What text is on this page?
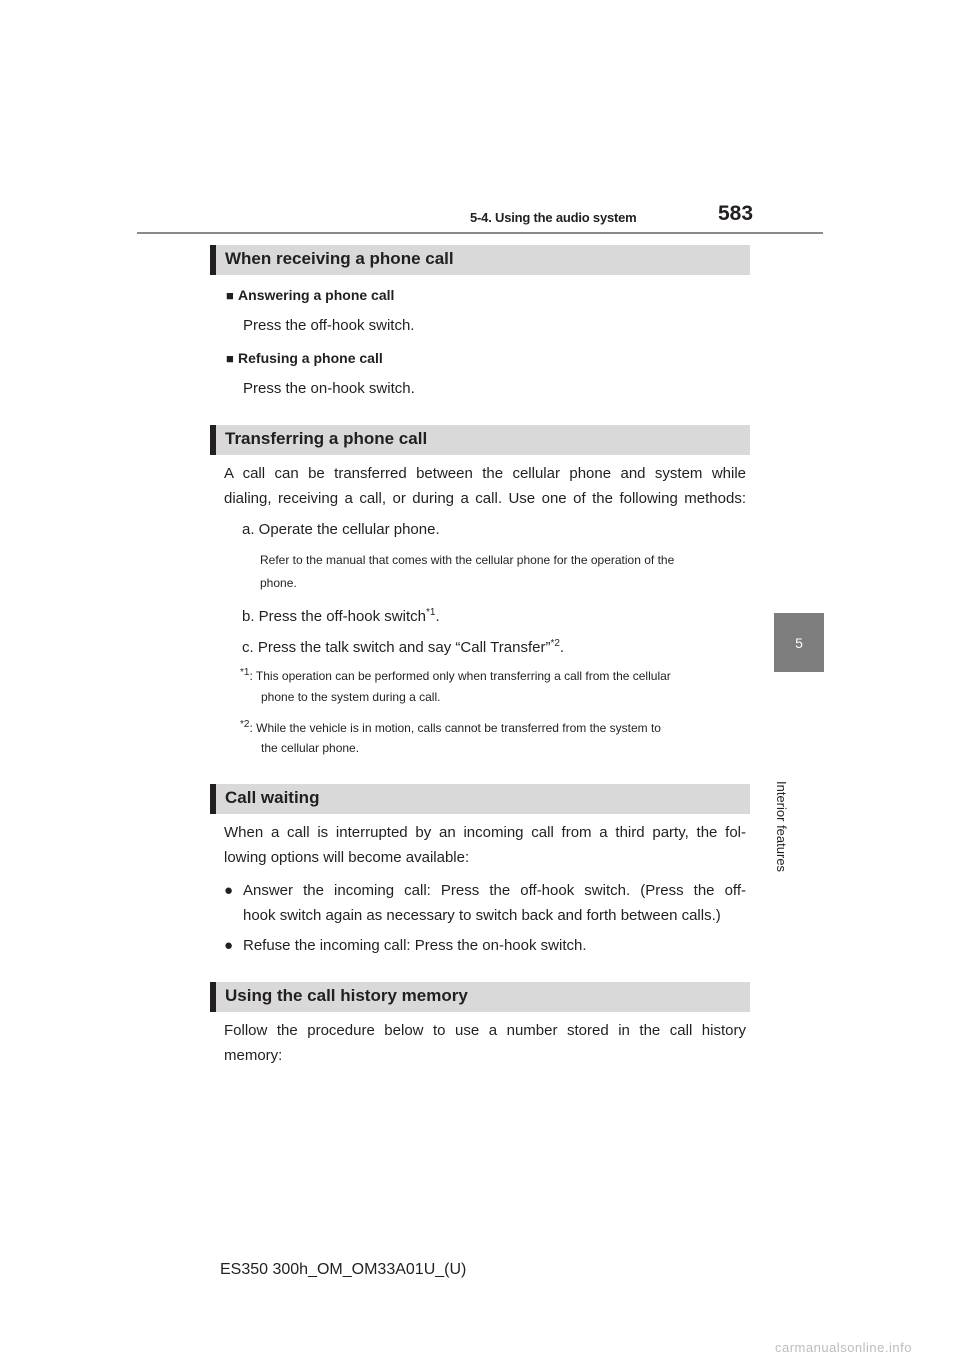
5-4. Using the audio system	583
5
Interior features
When receiving a phone call
■ Answering a phone call
Press the off-hook switch.
■ Refusing a phone call
Press the on-hook switch.
Transferring a phone call
A call can be transferred between the cellular phone and system while
dialing, receiving a call, or during a call. Use one of the following methods:
a. Operate the cellular phone.
Refer to the manual that comes with the cellular phone for the operation of the
phone.
b. Press the off-hook switch$^{*1}$.
c. Press the talk switch and say “Call Transfer”$^{*2}$.
$^{*1}$: This operation can be performed only when transferring a call from the cellular
phone to the system during a call.
$^{*2}$: While the vehicle is in motion, calls cannot be transferred from the system to
the cellular phone.
Call waiting
When a call is interrupted by an incoming call from a third party, the fol-
lowing options will become available:
● Answer the incoming call: Press the off-hook switch. (Press the off-
hook switch again as necessary to switch back and forth between calls.)
● Refuse the incoming call: Press the on-hook switch.
Using the call history memory
Follow the procedure below to use a number stored in the call history
memory:
ES350 300h_OM_OM33A01U_(U)
carmanualsonline.info
